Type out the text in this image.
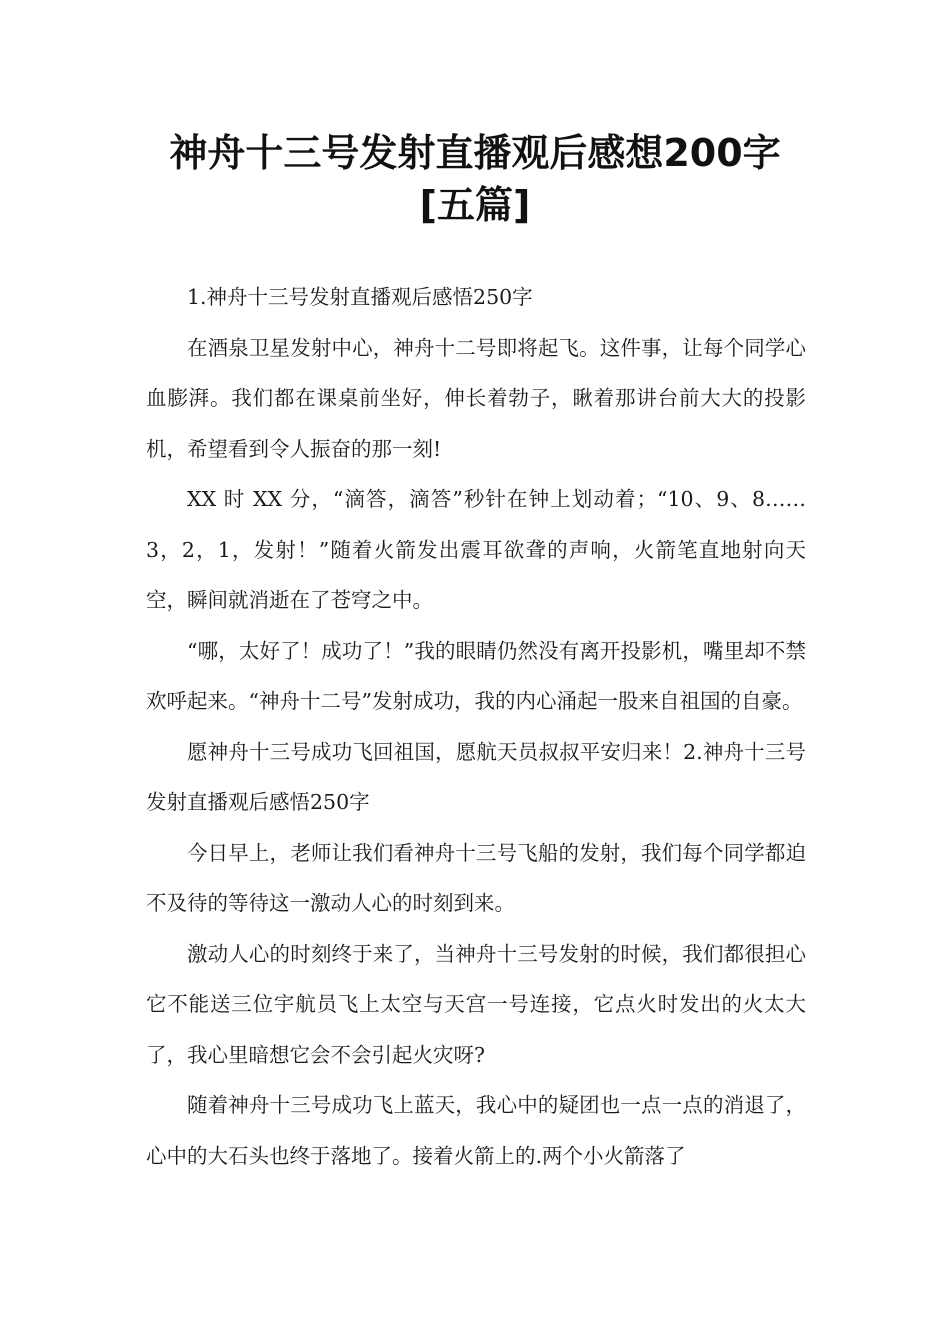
神舟十三号发射直播观后感想200字
[五篇]

1.神舟十三号发射直播观后感悟250字

在酒泉卫星发射中心，神舟十二号即将起飞。这件事，让每个同学心血膨湃。我们都在课桌前坐好，伸长着勃子，瞅着那讲台前大大的投影机，希望看到令人振奋的那一刻!

XX 时 XX 分，“滴答，滴答”秒针在钟上划动着；“10、9、8……3，2，1，发射！”随着火箭发出震耳欲聋的声响，火箭笔直地射向天空，瞬间就消逝在了苍穹之中。

“哪，太好了！成功了！”我的眼睛仍然没有离开投影机，嘴里却不禁欢呼起来。“神舟十二号”发射成功，我的内心涌起一股来自祖国的自豪。

愿神舟十三号成功飞回祖国，愿航天员叔叔平安归来！2.神舟十三号发射直播观后感悟250字

今日早上，老师让我们看神舟十三号飞船的发射，我们每个同学都迫不及待的等待这一激动人心的时刻到来。

激动人心的时刻终于来了，当神舟十三号发射的时候，我们都很担心它不能送三位宇航员飞上太空与天宫一号连接，它点火时发出的火太大了，我心里暗想它会不会引起火灾呀?

随着神舟十三号成功飞上蓝天，我心中的疑团也一点一点的消退了，心中的大石头也终于落地了。接着火箭上的.两个小火箭落了
